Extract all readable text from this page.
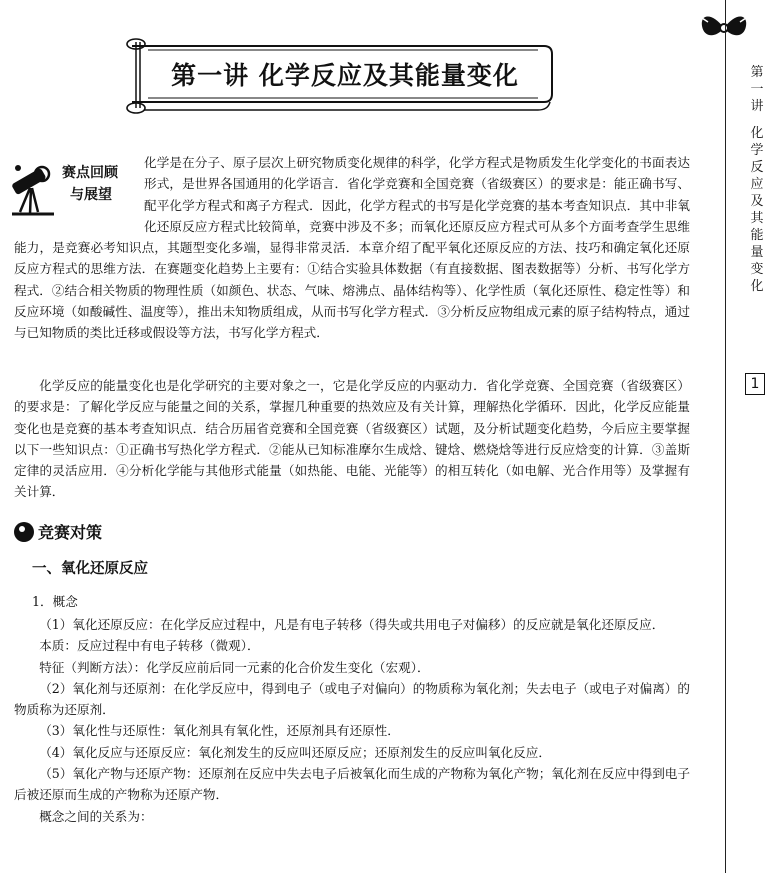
第一讲 化学反应及其能量变化	第一讲
化学反应及其能量变化
1
赛点回顾
与展望
化学是在分子、原子层次上研究物质变化规律的科学，化学方程式是物质发生化学变化的书面表达形式，是世界各国通用的化学语言．省化学竞赛和全国竞赛（省级赛区）的要求是：能正确书写、配平化学方程式和离子方程式．因此，化学方程式的书写是化学竞赛的基本考查知识点．其中非氧化还原反应方程式比较简单，竞赛中涉及不多；而氧化还原反应方程式可从多个方面考查学生思维能力，是竞赛必考知识点，其题型变化多端，显得非常灵活．本章介绍了配平氧化还原反应的方法、技巧和确定氧化还原反应方程式的思维方法．在赛题变化趋势上主要有：①结合实验具体数据（有直接数据、图表数据等）分析、书写化学方程式．②结合相关物质的物理性质（如颜色、状态、气味、熔沸点、晶体结构等）、化学性质（氧化还原性、稳定性等）和反应环境（如酸碱性、温度等），推出未知物质组成，从而书写化学方程式．③分析反应物组成元素的原子结构特点，通过与已知物质的类比迁移或假设等方法，书写化学方程式．
化学反应的能量变化也是化学研究的主要对象之一，它是化学反应的内驱动力．省化学竞赛、全国竞赛（省级赛区）的要求是：了解化学反应与能量之间的关系，掌握几种重要的热效应及有关计算，理解热化学循环．因此，化学反应能量变化也是竞赛的基本考查知识点．结合历届省竞赛和全国竞赛（省级赛区）试题，及分析试题变化趋势，今后应主要掌握以下一些知识点：①正确书写热化学方程式．②能从已知标准摩尔生成焓、键焓、燃烧焓等进行反应焓变的计算．③盖斯定律的灵活应用．④分析化学能与其他形式能量（如热能、电能、光能等）的相互转化（如电解、光合作用等）及掌握有关计算．
竞赛对策
一、氧化还原反应
1．概念

（1）氧化还原反应：在化学反应过程中，凡是有电子转移（得失或共用电子对偏移）的反应就是氧化还原反应．

本质：反应过程中有电子转移（微观）．

特征（判断方法）：化学反应前后同一元素的化合价发生变化（宏观）．

（2）氧化剂与还原剂：在化学反应中，得到电子（或电子对偏向）的物质称为氧化剂；失去电子（或电子对偏离）的物质称为还原剂．

（3）氧化性与还原性：氧化剂具有氧化性，还原剂具有还原性．

（4）氧化反应与还原反应：氧化剂发生的反应叫还原反应；还原剂发生的反应叫氧化反应．

（5）氧化产物与还原产物：还原剂在反应中失去电子后被氧化而生成的产物称为氧化产物；氧化剂在反应中得到电子后被还原而生成的产物称为还原产物．

概念之间的关系为：
